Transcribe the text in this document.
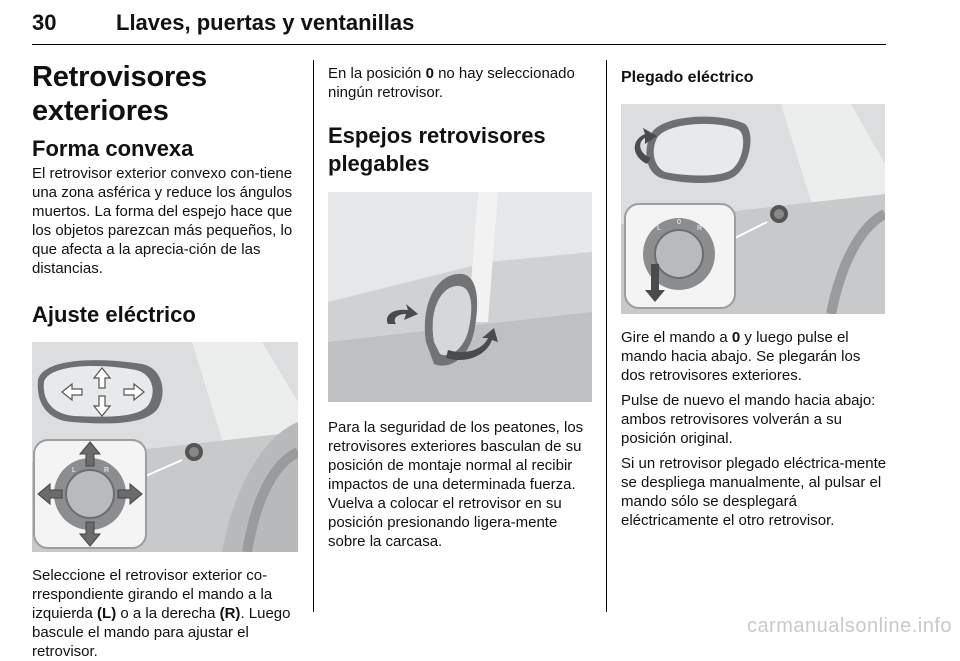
30	Llaves, puertas y ventanillas
Retrovisores exteriores
Forma convexa

El retrovisor exterior convexo con-tiene una zona asférica y reduce los ángulos muertos. La forma del espejo hace que los objetos parezcan más pequeños, lo que afecta a la aprecia-ción de las distancias.

Ajuste eléctrico
L	R

Seleccione el retrovisor exterior co-rrespondiente girando el mando a la izquierda (L) o a la derecha (R). Luego bascule el mando para ajustar el retrovisor.

En la posición 0 no hay seleccionado ningún retrovisor.

Espejos retrovisores plegables

Para la seguridad de los peatones, los retrovisores exteriores basculan de su posición de montaje normal al recibir impactos de una determinada fuerza. Vuelva a colocar el retrovisor en su posición presionando ligera-mente sobre la carcasa.

Plegado eléctrico
L
0
R

Gire el mando a 0 y luego pulse el mando hacia abajo. Se plegarán los dos retrovisores exteriores.

Pulse de nuevo el mando hacia abajo: ambos retrovisores volverán a su posición original.

Si un retrovisor plegado eléctrica-mente se despliega manualmente, al pulsar el mando sólo se desplegará eléctricamente el otro retrovisor.

carmanualsonline.info
